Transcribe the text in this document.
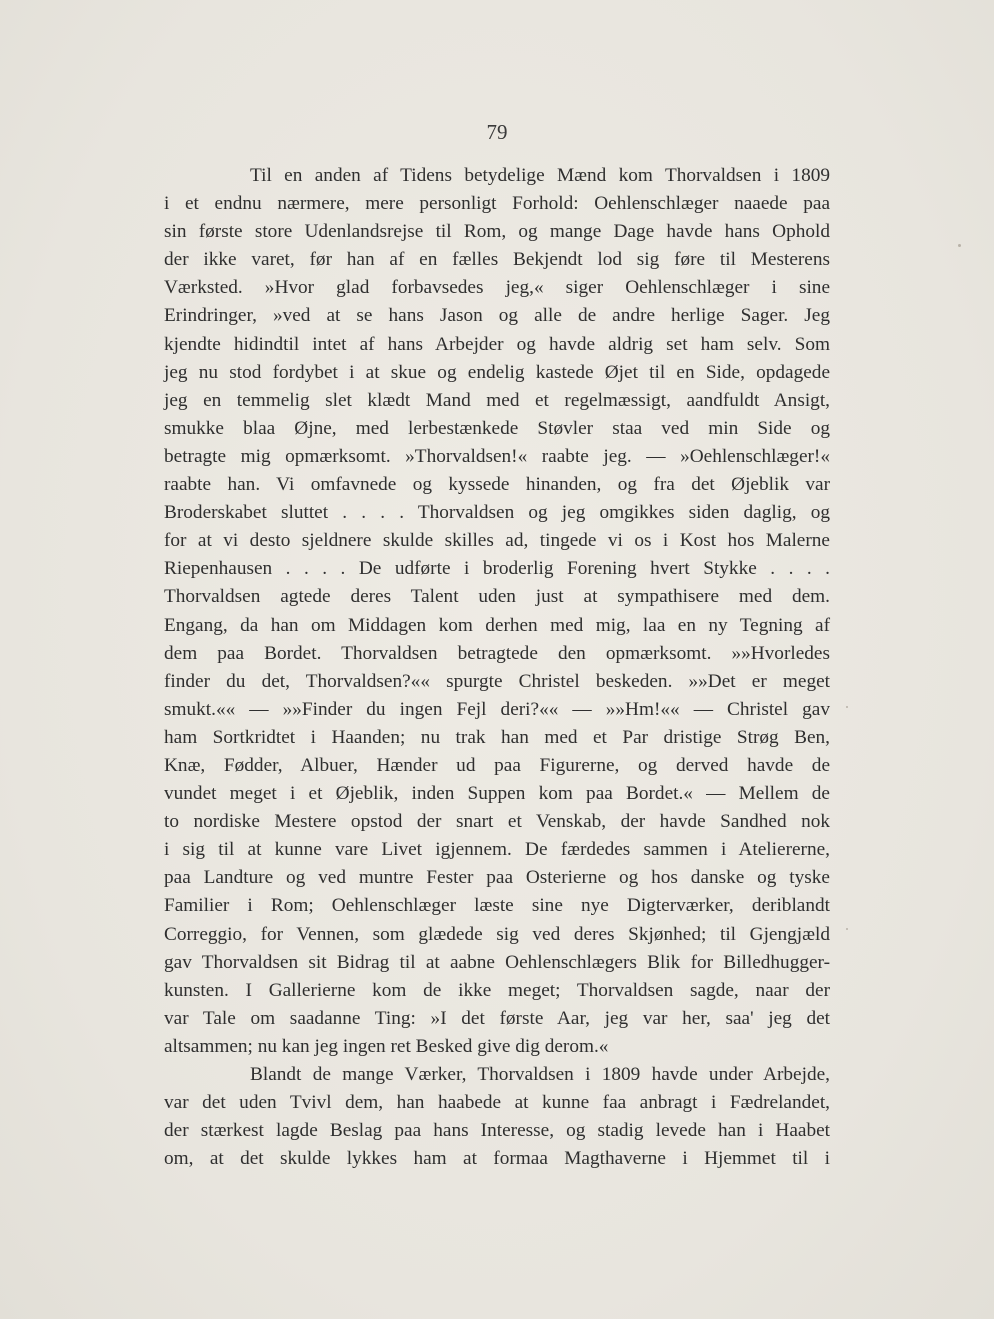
79
Til en anden af Tidens betydelige Mænd kom Thorvaldsen i 1809
i et endnu nærmere, mere personligt Forhold: Oehlenschlæger naaede paa
sin første store Udenlandsrejse til Rom, og mange Dage havde hans Ophold
der ikke varet, før han af en fælles Bekjendt lod sig føre til Mesterens
Værksted. »Hvor glad forbavsedes jeg,« siger Oehlenschlæger i sine
Erindringer, »ved at se hans Jason og alle de andre herlige Sager. Jeg
kjendte hidindtil intet af hans Arbejder og havde aldrig set ham selv. Som
jeg nu stod fordybet i at skue og endelig kastede Øjet til en Side, opdagede
jeg en temmelig slet klædt Mand med et regelmæssigt, aandfuldt Ansigt,
smukke blaa Øjne, med lerbestænkede Støvler staa ved min Side og
betragte mig opmærksomt. »Thorvaldsen!« raabte jeg. — »Oehlenschlæger!«
raabte han. Vi omfavnede og kyssede hinanden, og fra det Øjeblik var
Broderskabet sluttet . . . . Thorvaldsen og jeg omgikkes siden daglig, og
for at vi desto sjeldnere skulde skilles ad, tingede vi os i Kost hos Malerne
Riepenhausen . . . . De udførte i broderlig Forening hvert Stykke . . . .
Thorvaldsen agtede deres Talent uden just at sympathisere med dem.
Engang, da han om Middagen kom derhen med mig, laa en ny Tegning af
dem paa Bordet. Thorvaldsen betragtede den opmærksomt. »»Hvorledes
finder du det, Thorvaldsen?«« spurgte Christel beskeden. »»Det er meget
smukt.«« — »»Finder du ingen Fejl deri?«« — »»Hm!«« — Christel gav
ham Sortkridtet i Haanden; nu trak han med et Par dristige Strøg Ben,
Knæ, Fødder, Albuer, Hænder ud paa Figurerne, og derved havde de
vundet meget i et Øjeblik, inden Suppen kom paa Bordet.« — Mellem de
to nordiske Mestere opstod der snart et Venskab, der havde Sandhed nok
i sig til at kunne vare Livet igjennem. De færdedes sammen i Ateliererne,
paa Landture og ved muntre Fester paa Osterierne og hos danske og tyske
Familier i Rom; Oehlenschlæger læste sine nye Digterværker, deriblandt
Correggio, for Vennen, som glædede sig ved deres Skjønhed; til Gjengjæld
gav Thorvaldsen sit Bidrag til at aabne Oehlenschlægers Blik for Billedhugger-
kunsten. I Gallerierne kom de ikke meget; Thorvaldsen sagde, naar der
var Tale om saadanne Ting: »I det første Aar, jeg var her, saa' jeg det
altsammen; nu kan jeg ingen ret Besked give dig derom.«
Blandt de mange Værker, Thorvaldsen i 1809 havde under Arbejde,
var det uden Tvivl dem, han haabede at kunne faa anbragt i Fædrelandet,
der stærkest lagde Beslag paa hans Interesse, og stadig levede han i Haabet
om, at det skulde lykkes ham at formaa Magthaverne i Hjemmet til i
